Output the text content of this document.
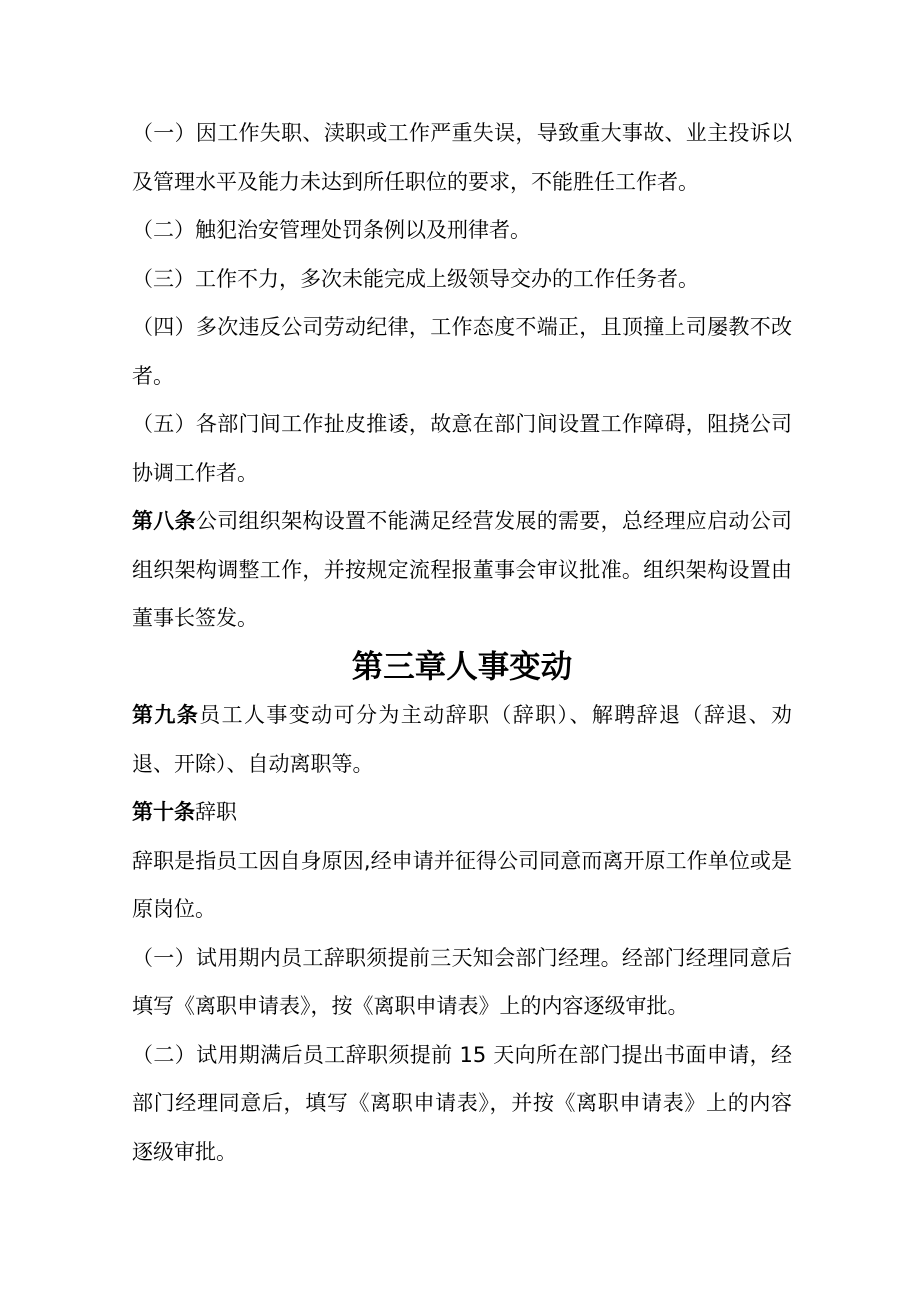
（一）因工作失职、渎职或工作严重失误，导致重大事故、业主投诉以及管理水平及能力未达到所任职位的要求，不能胜任工作者。

（二）触犯治安管理处罚条例以及刑律者。

（三）工作不力，多次未能完成上级领导交办的工作任务者。

（四）多次违反公司劳动纪律，工作态度不端正，且顶撞上司屡教不改者。

（五）各部门间工作扯皮推诿，故意在部门间设置工作障碍，阻挠公司协调工作者。

第八条公司组织架构设置不能满足经营发展的需要，总经理应启动公司组织架构调整工作，并按规定流程报董事会审议批准。组织架构设置由董事长签发。

第三章人事变动

第九条员工人事变动可分为主动辞职（辞职）、解聘辞退（辞退、劝退、开除）、自动离职等。

第十条辞职

辞职是指员工因自身原因,经申请并征得公司同意而离开原工作单位或是原岗位。

（一）试用期内员工辞职须提前三天知会部门经理。经部门经理同意后填写《离职申请表》，按《离职申请表》上的内容逐级审批。

（二）试用期满后员工辞职须提前 15 天向所在部门提出书面申请，经部门经理同意后，填写《离职申请表》，并按《离职申请表》上的内容逐级审批。
